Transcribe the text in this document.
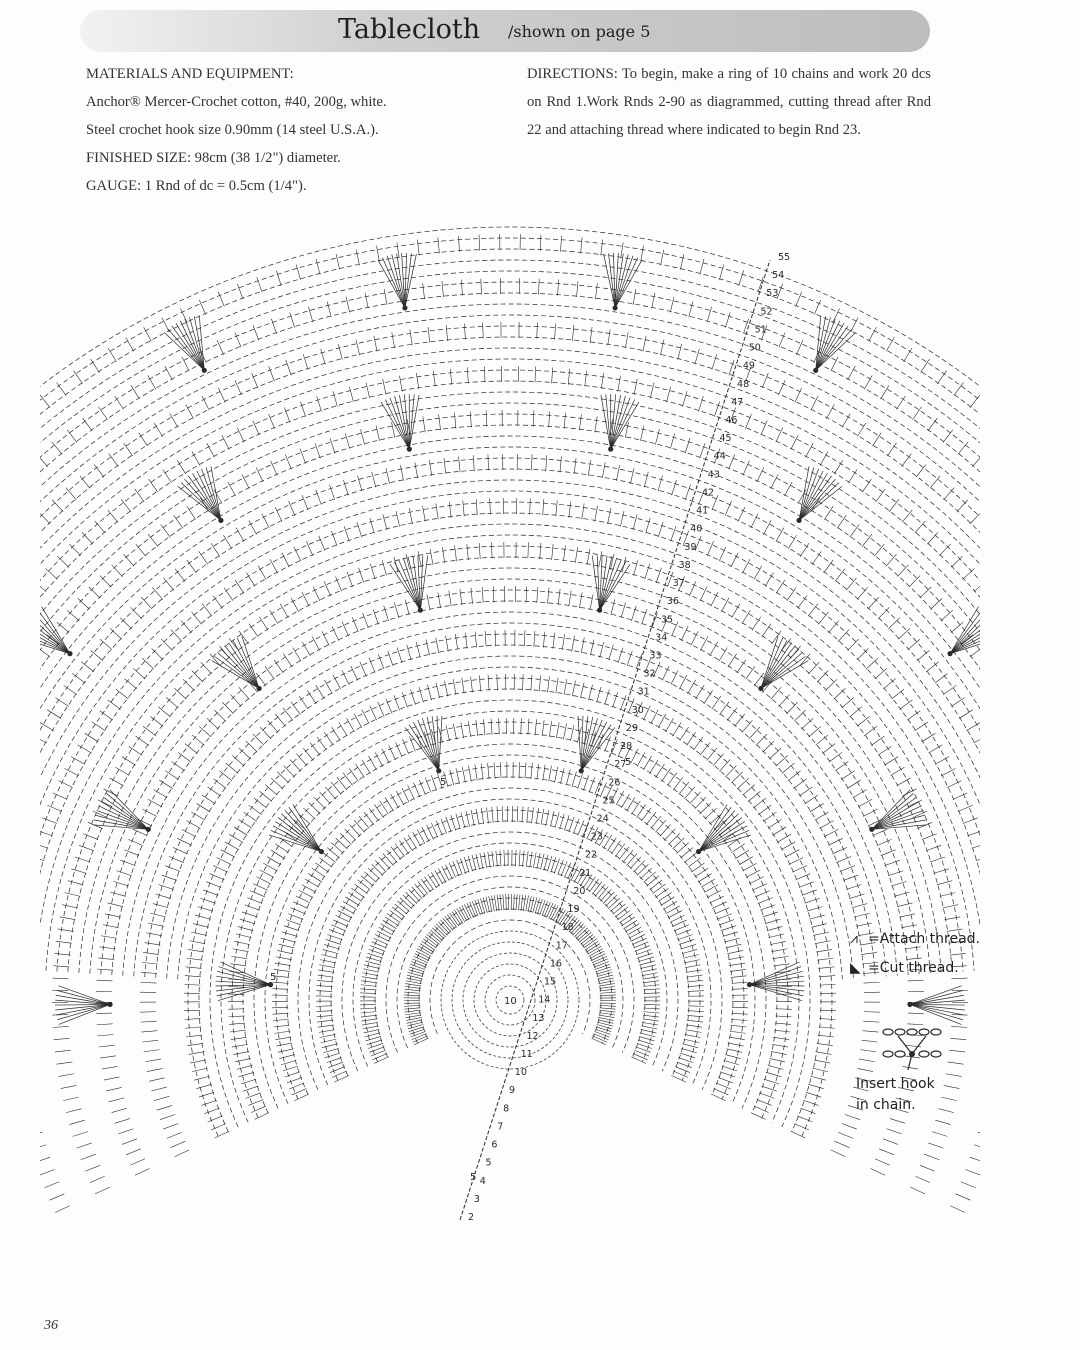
Tablecloth /shown on page 5

MATERIALS AND EQUIPMENT:

Anchor® Mercer-Crochet cotton, #40, 200g, white.

Steel crochet hook size 0.90mm (14 steel U.S.A.).

FINISHED SIZE: 98cm (38 1/2") diameter.

GAUGE: 1 Rnd of dc = 0.5cm (1/4").

DIRECTIONS: To begin, make a ring of 10 chains and work 20 dcs on Rnd 1.Work Rnds 2-90 as diagrammed, cutting thread after Rnd 22 and attaching thread where indicated to begin Rnd 23.

2
3
4
5
6
7
8
9
10
11
12
13
14
15
16
17
18
19
20
21
22
23
24
25
26
27
28
29
30
31
32
33
34
35
36
37
38
39
40
41
42
43
44
45
46
47
48
49
50
51
52
53
54
55
10
5
5
5
5
⩘ =Attach thread.
◣ =Cut thread.
Insert hook
in chain.
36
